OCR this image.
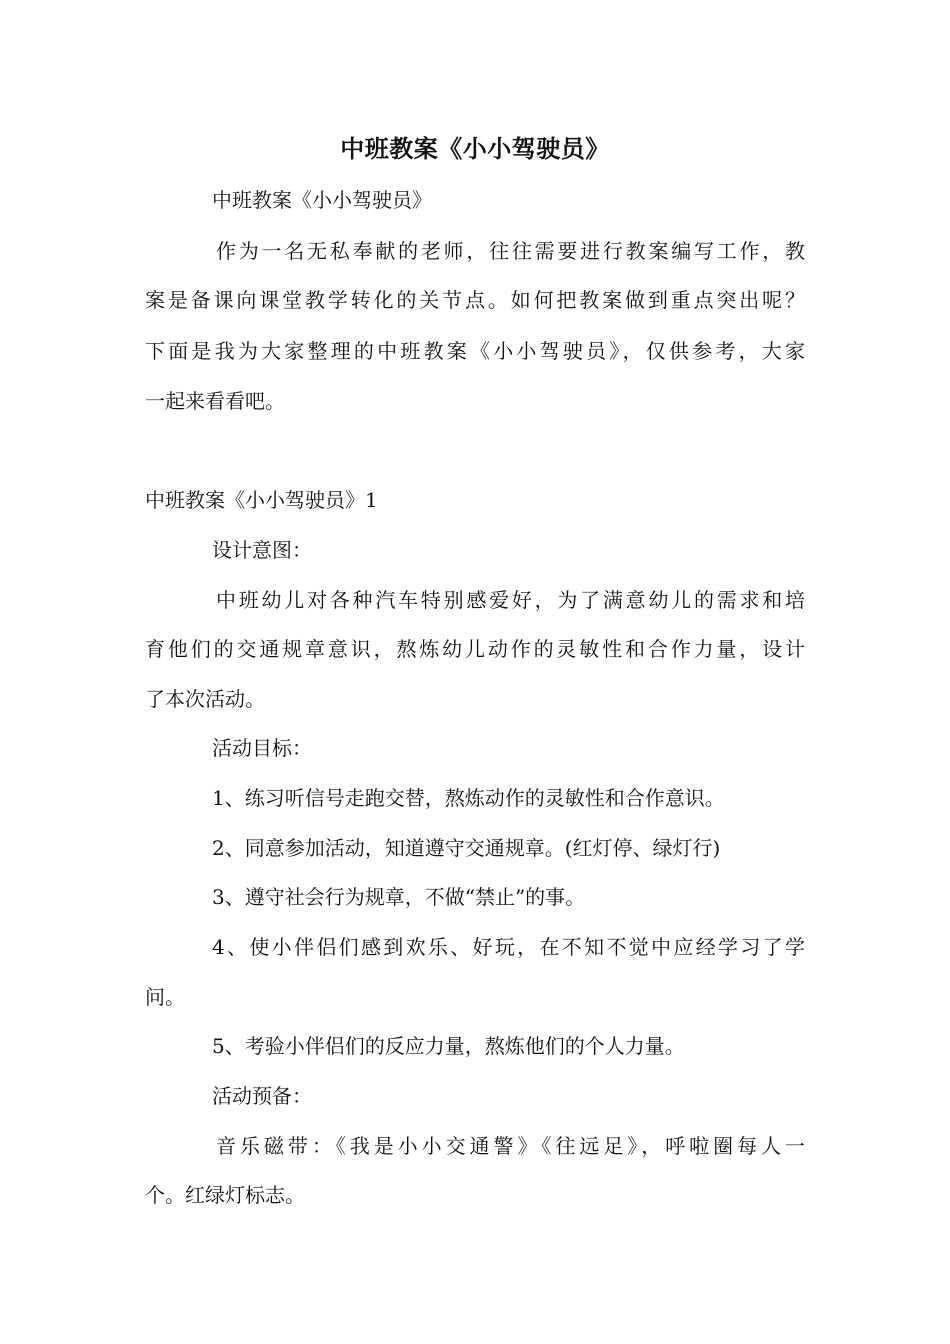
中班教案《小小驾驶员》
中班教案《小小驾驶员》
作为一名无私奉献的老师，往往需要进行教案编写工作，教
案是备课向课堂教学转化的关节点。如何把教案做到重点突出呢？
下面是我为大家整理的中班教案《小小驾驶员》，仅供参考，大家
一起来看看吧。
中班教案《小小驾驶员》1
设计意图：
中班幼儿对各种汽车特别感爱好，为了满意幼儿的需求和培
育他们的交通规章意识，熬炼幼儿动作的灵敏性和合作力量，设计
了本次活动。
活动目标：
1、练习听信号走跑交替，熬炼动作的灵敏性和合作意识。
2、同意参加活动，知道遵守交通规章。(红灯停、绿灯行)
3、遵守社会行为规章，不做“禁止”的事。
4、使小伴侣们感到欢乐、好玩，在不知不觉中应经学习了学
问。
5、考验小伴侣们的反应力量，熬炼他们的个人力量。
活动预备：
音乐磁带：《我是小小交通警》《往远足》，呼啦圈每人一
个。红绿灯标志。
